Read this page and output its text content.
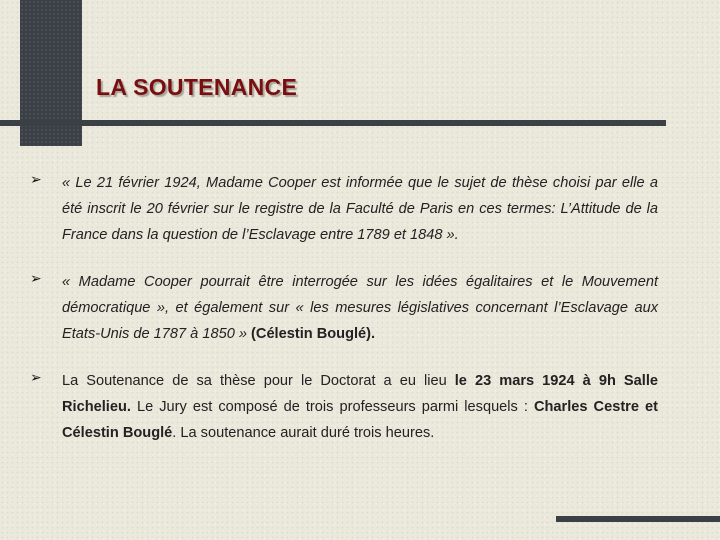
LA SOUTENANCE
➢ « Le 21 février 1924, Madame Cooper est informée que le sujet de thèse choisi par elle a été inscrit le 20 février sur le registre de la Faculté de Paris en ces termes: L’Attitude de la France dans la question de l’Esclavage entre 1789 et 1848 ».
➢ « Madame Cooper pourrait être interrogée sur les idées égalitaires et le Mouvement démocratique », et également sur « les mesures législatives concernant l’Esclavage aux Etats-Unis de 1787 à 1850 » (Célestin Bouglé).
➢ La Soutenance de sa thèse pour le Doctorat a eu lieu le 23 mars 1924 à 9h Salle Richelieu. Le Jury est composé de trois professeurs parmi lesquels : Charles Cestre et Célestin Bouglé. La soutenance aurait duré trois heures.
